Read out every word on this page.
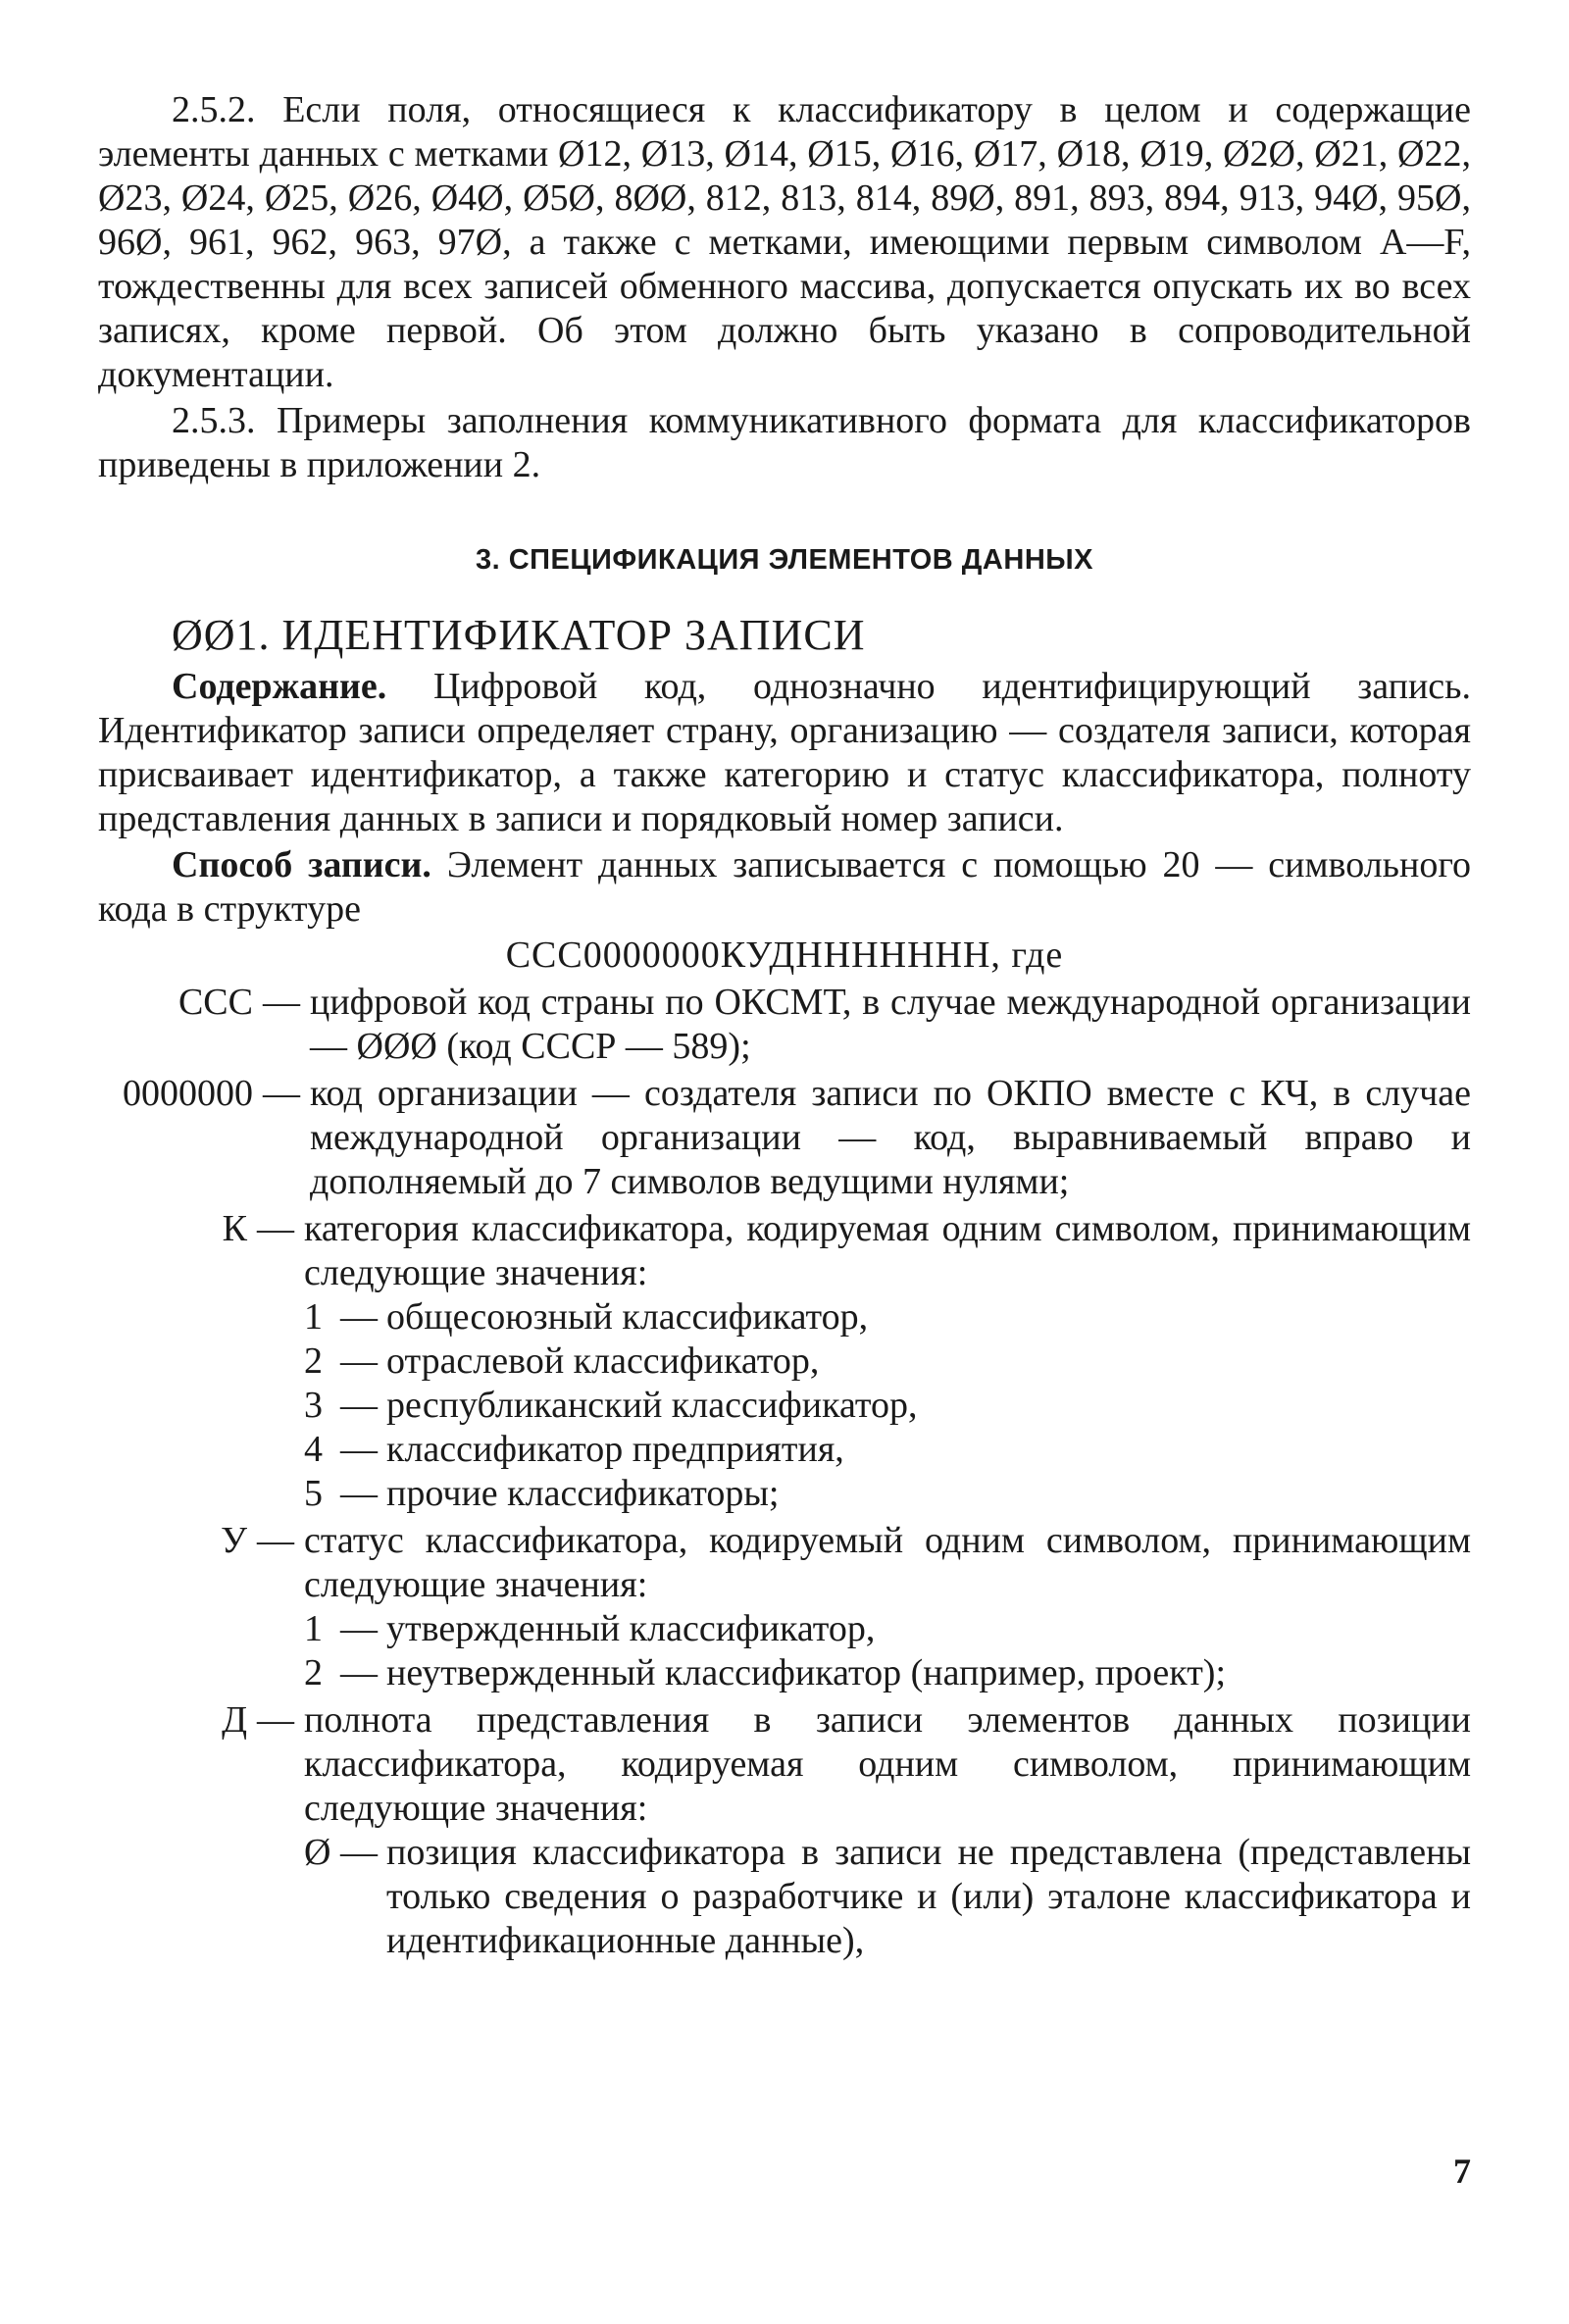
2.5.2. Если поля, относящиеся к классификатору в целом и содержащие элементы данных с метками Ø12, Ø13, Ø14, Ø15, Ø16, Ø17, Ø18, Ø19, Ø2Ø, Ø21, Ø22, Ø23, Ø24, Ø25, Ø26, Ø4Ø, Ø5Ø, 8ØØ, 812, 813, 814, 89Ø, 891, 893, 894, 913, 94Ø, 95Ø, 96Ø, 961, 962, 963, 97Ø, а также с метками, имеющими первым символом A—F, тождественны для всех записей обменного массива, допускается опускать их во всех записях, кроме первой. Об этом должно быть указано в сопроводительной документации.

2.5.3. Примеры заполнения коммуникативного формата для классификаторов приведены в приложении 2.

3. СПЕЦИФИКАЦИЯ ЭЛЕМЕНТОВ ДАННЫХ
ØØ1. ИДЕНТИФИКАТОР ЗАПИСИ

Содержание. Цифровой код, однозначно идентифицирующий запись. Идентификатор записи определяет страну, организацию — создателя записи, которая присваивает идентификатор, а также категорию и статус классификатора, полноту представления данных в записи и порядковый номер записи.

Способ записи. Элемент данных записывается с помощью 20 — символьного кода в структуре

ССС0000000КУДННННННН, где

ССС — цифровой код страны по ОКСМТ, в случае международной организации — ØØØ (код СССР — 589);
0000000 — код организации — создателя записи по ОКПО вместе с КЧ, в случае международной организации — код, выравниваемый вправо и дополняемый до 7 символов ведущими нулями;
К — категория классификатора, кодируемая одним символом, принимающим следующие значения:
1 — общесоюзный классификатор,
2 — отраслевой классификатор,
3 — республиканский классификатор,
4 — классификатор предприятия,
5 — прочие классификаторы;
У — статус классификатора, кодируемый одним символом, принимающим следующие значения:
1 — утвержденный классификатор,
2 — неутвержденный классификатор (например, проект);
Д — полнота представления в записи элементов данных позиции классификатора, кодируемая одним символом, принимающим следующие значения:
Ø — позиция классификатора в записи не представлена (представлены только сведения о разработчике и (или) эталоне классификатора и идентификационные данные),
7
